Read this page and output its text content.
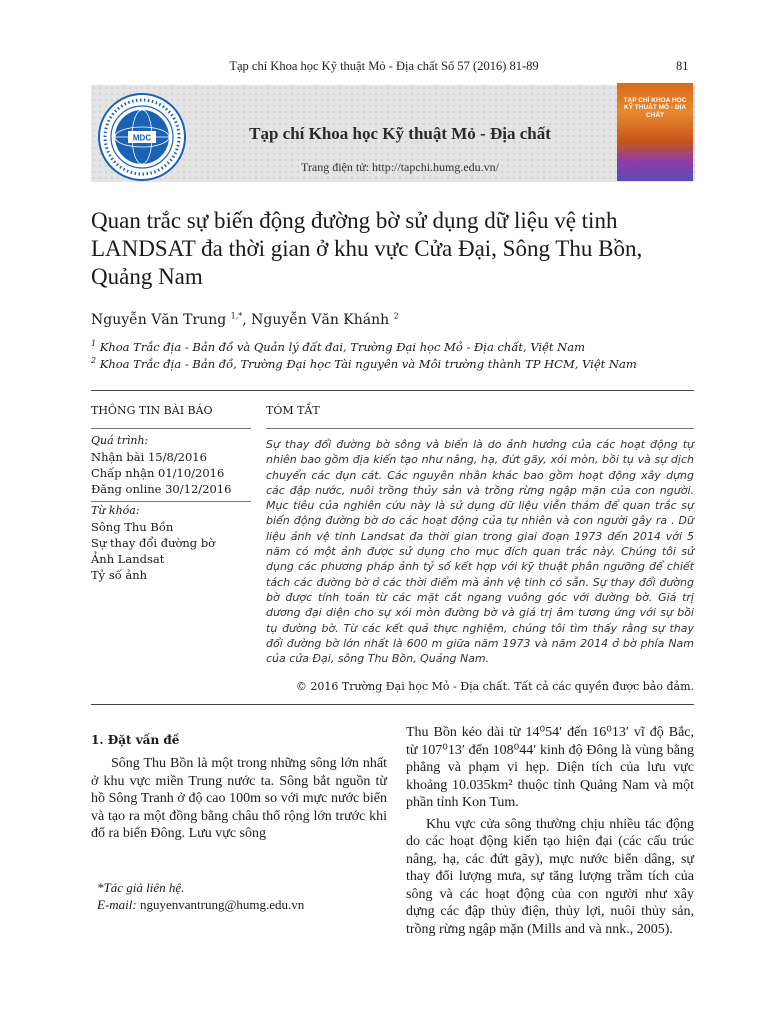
Tạp chí Khoa học Kỹ thuật Mỏ - Địa chất Số 57 (2016) 81-89	81
MDC	Tạp chí Khoa học Kỹ thuật Mỏ - Địa chất
Trang điện tử: http://tapchi.humg.edu.vn/
TẠP CHÍ KHOA HỌC KỸ THUẬT MỎ - ĐỊA CHẤT
Quan trắc sự biến động đường bờ sử dụng dữ liệu vệ tinh LANDSAT đa thời gian ở khu vực Cửa Đại, Sông Thu Bồn, Quảng Nam
Nguyễn Văn Trung $^{1,*}$, Nguyễn Văn Khánh $^2$
$^1$ Khoa Trắc địa - Bản đồ và Quản lý đất đai, Trường Đại học Mỏ - Địa chất, Việt Nam
$^2$ Khoa Trắc địa - Bản đồ, Trường Đại học Tài nguyên và Môi trường thành TP HCM, Việt Nam
THÔNG TIN BÀI BÁO	TÓM TẮT
Quá trình:
Nhận bài 15/8/2016
Chấp nhận 01/10/2016
Đăng online 30/12/2016
Từ khóa:
Sông Thu Bồn
Sự thay đổi đường bờ
Ảnh Landsat
Tỷ số ảnh
Sự thay đổi đường bờ sông và biển là do ảnh hưởng của các hoạt động tự nhiên bao gồm địa kiến tạo như nâng, hạ, đứt gãy, xói mòn, bồi tụ và sự dịch chuyển các đụn cát. Các nguyên nhân khác bao gồm hoạt động xây dựng các đập nước, nuôi trồng thủy sản và trồng rừng ngập mặn của con người. Mục tiêu của nghiên cứu này là sử dụng dữ liệu viễn thám để quan trắc sự biến động đường bờ do các hoạt động của tự nhiên và con người gây ra . Dữ liệu ảnh vệ tinh Landsat đa thời gian trong giai đoạn 1973 đến 2014 với 5 năm có một ảnh được sử dụng cho mục đích quan trắc này. Chúng tôi sử dụng các phương pháp ảnh tỷ số kết hợp với kỹ thuật phân ngưỡng để chiết tách các đường bờ ở các thời điểm mà ảnh vệ tinh có sẵn. Sự thay đổi đường bờ được tính toán từ các mặt cắt ngang vuông góc với đường bờ. Giá trị dương đại diện cho sự xói mòn đường bờ và giá trị âm tương ứng với sự bồi tụ đường bờ. Từ các kết quả thực nghiệm, chúng tôi tìm thấy rằng sự thay đổi đường bờ lớn nhất là 600 m giữa năm 1973 và năm 2014 ở bờ phía Nam của cửa Đại, sông Thu Bồn, Quảng Nam.
© 2016 Trường Đại học Mỏ - Địa chất. Tất cả các quyền được bảo đảm.
1. Đặt vấn đề

Sông Thu Bồn là một trong những sông lớn nhất ở khu vực miền Trung nước ta. Sông bắt nguồn từ hồ Sông Tranh ở độ cao 100m so với mực nước biển và tạo ra một đồng bằng châu thổ rộng lớn trước khi đổ ra biển Đông. Lưu vực sông

Thu Bồn kéo dài từ 14⁰54′ đến 16⁰13′ vĩ độ Bắc, từ 107⁰13′ đến 108⁰44′ kinh độ Đông là vùng bằng phẳng và phạm vi hẹp. Diện tích của lưu vực khoảng 10.035km² thuộc tỉnh Quảng Nam và một phần tỉnh Kon Tum.

Khu vực cửa sông thường chịu nhiều tác động do các hoạt động kiến tạo hiện đại (các cấu trúc nâng, hạ, các đứt gãy), mực nước biển dâng, sự thay đổi lượng mưa, sự tăng lượng trầm tích của sông và các hoạt động của con người như xây dựng các đập thủy điện, thủy lợi, nuôi thủy sản, trồng rừng ngập mặn (Mills and và nnk., 2005).

*Tác giả liên hệ.
E-mail: nguyenvantrung@humg.edu.vn
